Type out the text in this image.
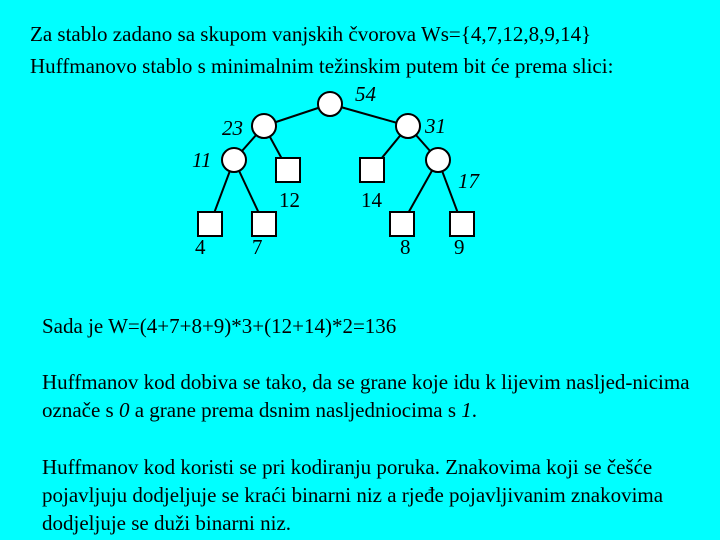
Za stablo zadano sa skupom vanjskih čvorova Ws={4,7,12,8,9,14}
Huffmanovo stablo s minimalnim težinskim putem bit će prema slici:
54
23	31
11
17
12	14
4 7	8 9
Sada je W=(4+7+8+9)*3+(12+14)*2=136
Huffmanov kod dobiva se tako, da se grane koje idu k lijevim nasljed-nicima označe s 0 a grane prema dsnim nasljedniocima s 1.
Huffmanov kod koristi se pri kodiranju poruka. Znakovima koji se češće pojavljuju dodjeljuje se kraći binarni niz a rjeđe pojavljivanim znakovima dodjeljuje se duži binarni niz.
